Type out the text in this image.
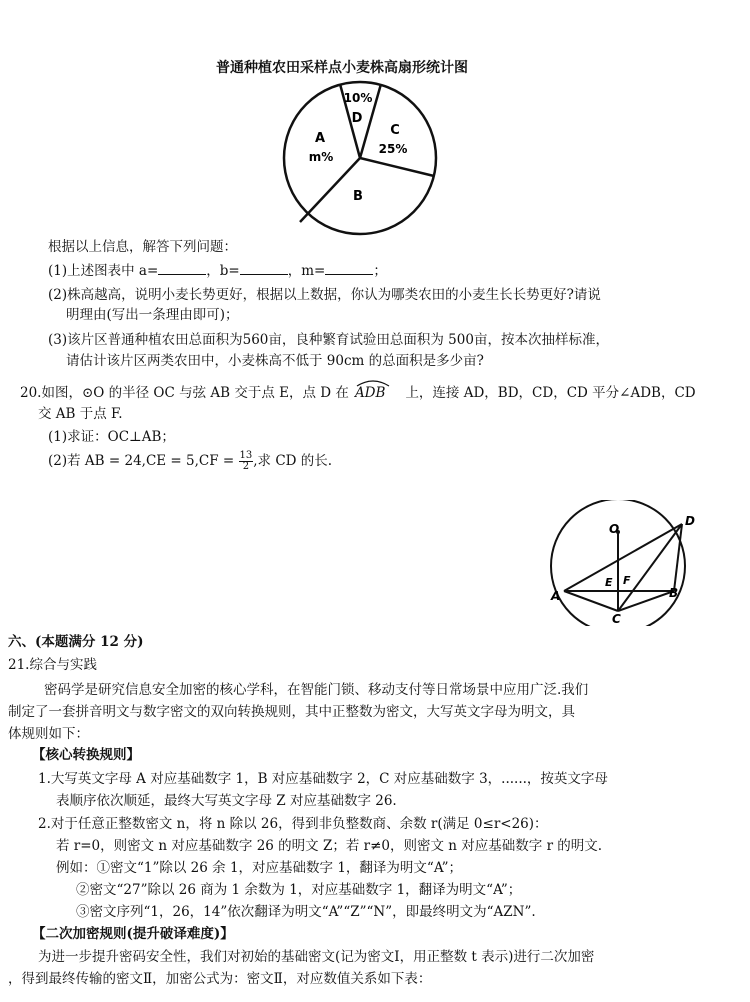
普通种植农田采样点小麦株高扇形统计图
10%
D
C
25%
A
m%
B
根据以上信息，解答下列问题：
(1)上述图表中 a=	，b=	，m=	；
(2)株高越高，说明小麦长势更好，根据以上数据，你认为哪类农田的小麦生长长势更好?请说
明理由(写出一条理由即可)；
(3)该片区普通种植农田总面积为560亩，良种繁育试验田总面积为 500亩，按本次抽样标准，
请估计该片区两类农田中，小麦株高不低于 90cm 的总面积是多少亩?
20.如图，⊙O 的半径 OC 与弦 AB 交于点 E，点 D 在 ADB 上，连接 AD，BD，CD，CD 平分∠ADB，CD
交 AB 于点 F.
(1)求证：OC⊥AB；
(2)若 AB = $24,CE = 5,CF = \frac{13}{2}$ ,求 CD 的长.
O
D
E F
A	B
C
六、(本题满分 12 分)
21.综合与实践
密码学是研究信息安全加密的核心学科，在智能门锁、移动支付等日常场景中应用广泛.我们
制定了一套拼音明文与数字密文的双向转换规则，其中正整数为密文，大写英文字母为明文，具
体规则如下：
【核心转换规则】
1.大写英文字母 A 对应基础数字 1，B 对应基础数字 2，C 对应基础数字 3，......，按英文字母
表顺序依次顺延，最终大写英文字母 Z 对应基础数字 26.
2.对于任意正整数密文 n，将 n 除以 26，得到非负整数商、余数 r(满足 0≤r<26)：
若 r=0，则密文 n 对应基础数字 26 的明文 Z；若 r≠0，则密文 n 对应基础数字 r 的明文.
例如：①密文“1”除以 26 余 1，对应基础数字 1，翻译为明文“A”；
②密文“27”除以 26 商为 1 余数为 1，对应基础数字 1，翻译为明文“A”；
③密文序列“1，26，14”依次翻译为明文“A”“Z”“N”，即最终明文为“AZN”.
【二次加密规则(提升破译难度)】
为进一步提升密码安全性，我们对初始的基础密文(记为密文Ⅰ，用正整数 t 表示)进行二次加密
，得到最终传输的密文Ⅱ，加密公式为：密文Ⅱ，对应数值关系如下表：
